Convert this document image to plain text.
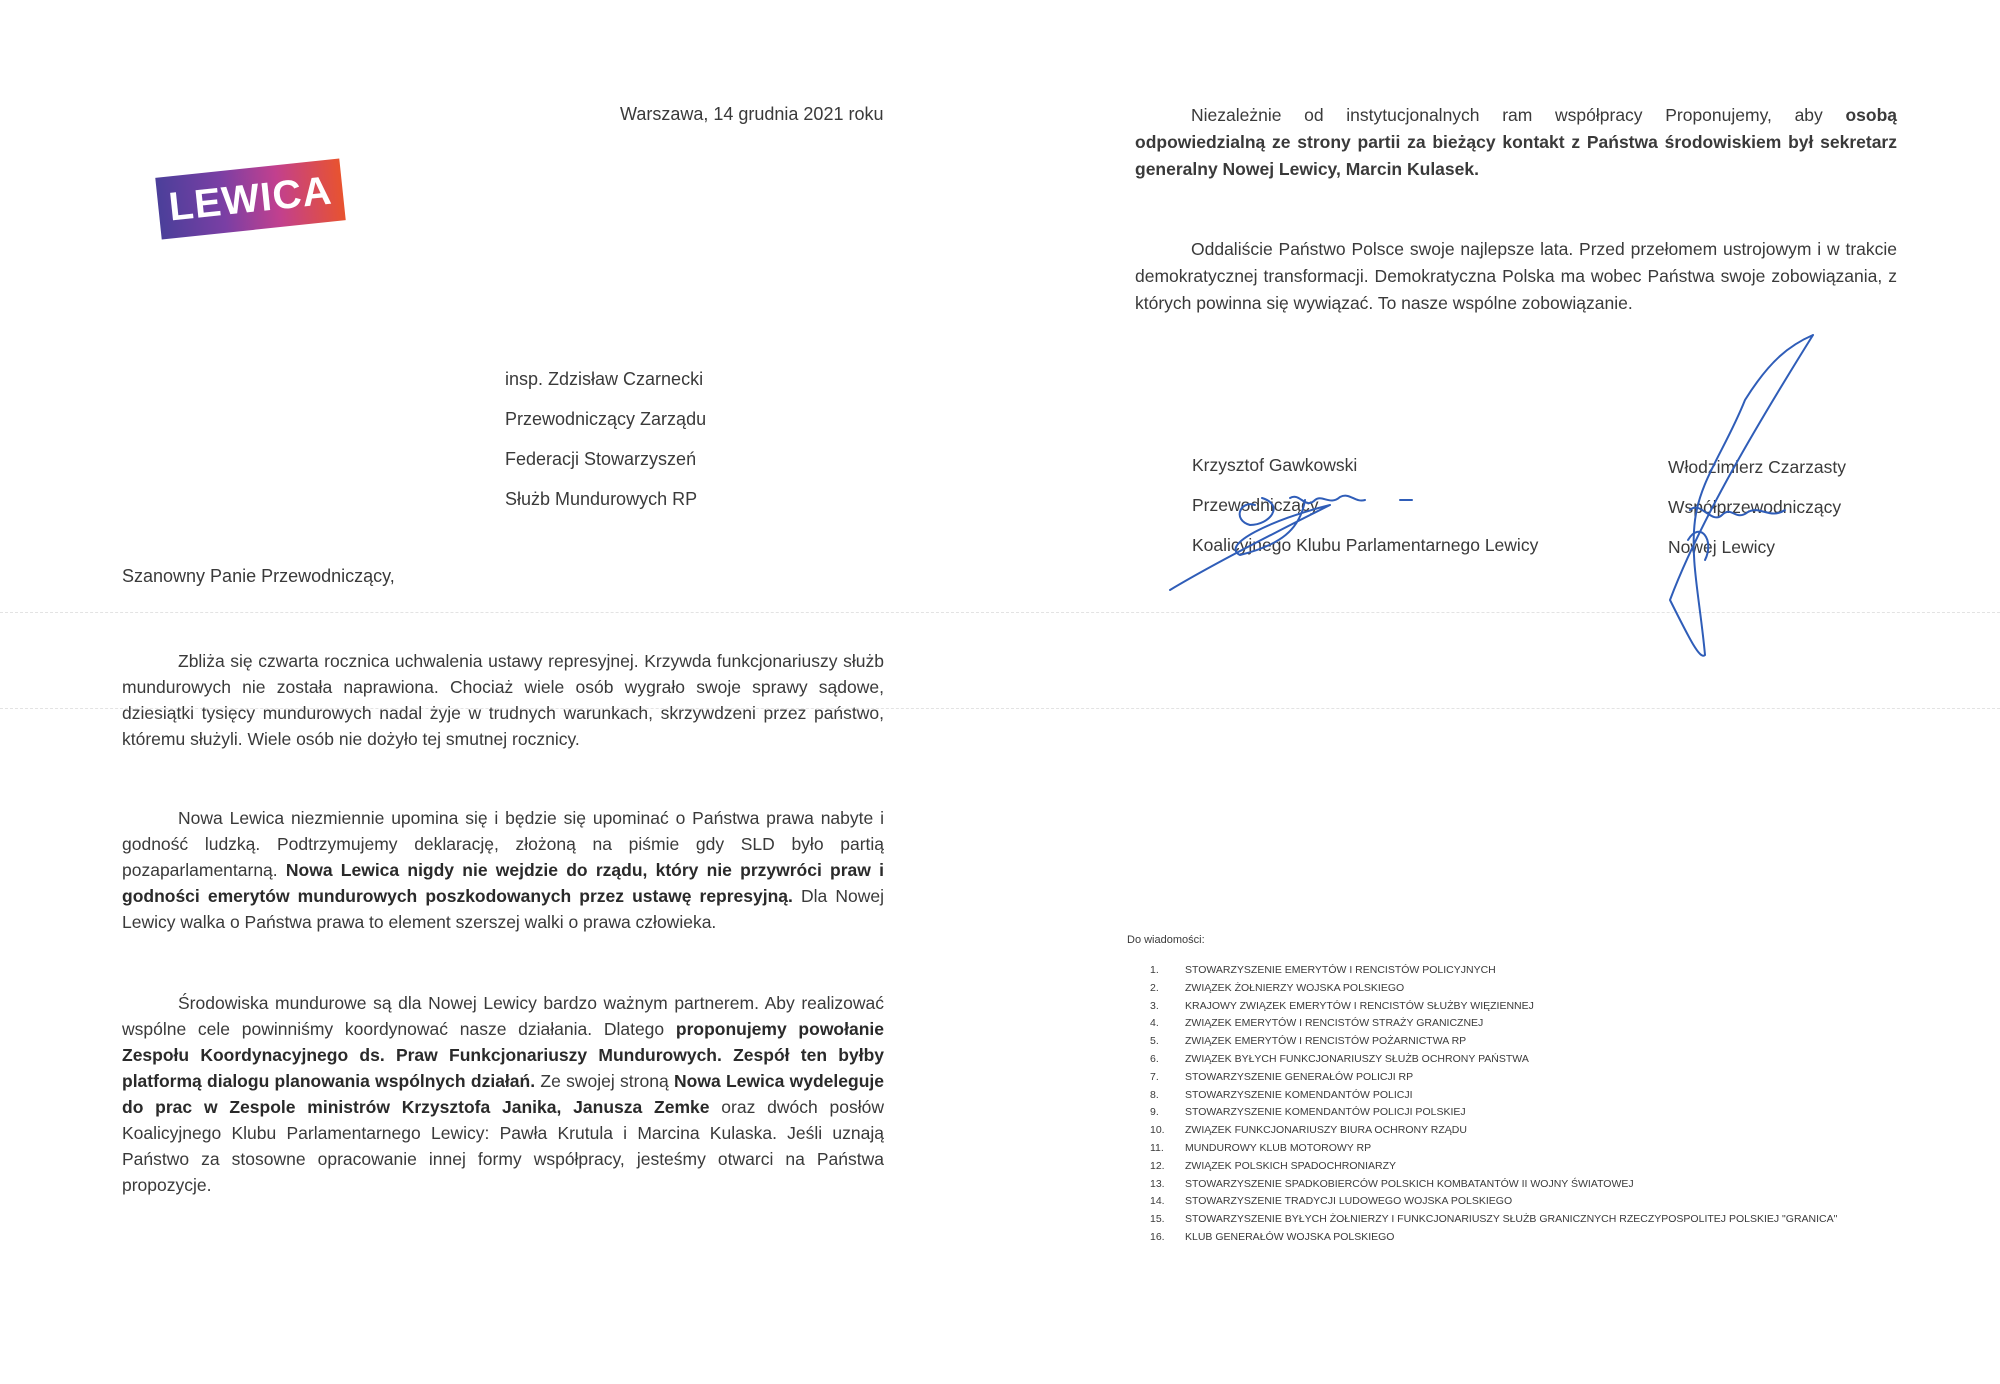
Warszawa, 14 grudnia 2021 roku
LEWICA
insp. Zdzisław Czarnecki
Przewodniczący Zarządu
Federacji Stowarzyszeń
Służb Mundurowych RP
Szanowny Panie Przewodniczący,

Zbliża się czwarta rocznica uchwalenia ustawy represyjnej. Krzywda funkcjonariuszy służb mundurowych nie została naprawiona. Chociaż wiele osób wygrało swoje sprawy sądowe, dziesiątki tysięcy mundurowych nadal żyje w trudnych warunkach, skrzywdzeni przez państwo, któremu służyli. Wiele osób nie dożyło tej smutnej rocznicy.

Nowa Lewica niezmiennie upomina się i będzie się upominać o Państwa prawa nabyte i godność ludzką. Podtrzymujemy deklarację, złożoną na piśmie gdy SLD było partią pozaparlamentarną. Nowa Lewica nigdy nie wejdzie do rządu, który nie przywróci praw i godności emerytów mundurowych poszkodowanych przez ustawę represyjną. Dla Nowej Lewicy walka o Państwa prawa to element szerszej walki o prawa człowieka.

Środowiska mundurowe są dla Nowej Lewicy bardzo ważnym partnerem. Aby realizować wspólne cele powinniśmy koordynować nasze działania. Dlatego proponujemy powołanie Zespołu Koordynacyjnego ds. Praw Funkcjonariuszy Mundurowych. Zespół ten byłby platformą dialogu planowania wspólnych działań. Ze swojej stroną Nowa Lewica wydeleguje do prac w Zespole ministrów Krzysztofa Janika, Janusza Zemke oraz dwóch posłów Koalicyjnego Klubu Parlamentarnego Lewicy: Pawła Krutula i Marcina Kulaska. Jeśli uznają Państwo za stosowne opracowanie innej formy współpracy, jesteśmy otwarci na Państwa propozycje.

Niezależnie od instytucjonalnych ram współpracy Proponujemy, aby osobą odpowiedzialną ze strony partii za bieżący kontakt z Państwa środowiskiem był sekretarz generalny Nowej Lewicy, Marcin Kulasek.

Oddaliście Państwo Polsce swoje najlepsze lata. Przed przełomem ustrojowym i w trakcie demokratycznej transformacji. Demokratyczna Polska ma wobec Państwa swoje zobowiązania, z których powinna się wywiązać. To nasze wspólne zobowiązanie.

Krzysztof Gawkowski
Przewodniczący
Koalicyjnego Klubu Parlamentarnego Lewicy
Włodzimierz Czarzasty
Współprzewodniczący
Nowej Lewicy
Do wiadomości:
1. STOWARZYSZENIE EMERYTÓW I RENCISTÓW POLICYJNYCH
2. ZWIĄZEK ŻOŁNIERZY WOJSKA POLSKIEGO
3. KRAJOWY ZWIĄZEK EMERYTÓW I RENCISTÓW SŁUŻBY WIĘZIENNEJ
4. ZWIĄZEK EMERYTÓW I RENCISTÓW STRAŻY GRANICZNEJ
5. ZWIĄZEK EMERYTÓW I RENCISTÓW POŻARNICTWA RP
6. ZWIĄZEK BYŁYCH FUNKCJONARIUSZY SŁUŻB OCHRONY PAŃSTWA
7. STOWARZYSZENIE GENERAŁÓW POLICJI RP
8. STOWARZYSZENIE KOMENDANTÓW POLICJI
9. STOWARZYSZENIE KOMENDANTÓW POLICJI POLSKIEJ
10. ZWIĄZEK FUNKCJONARIUSZY BIURA OCHRONY RZĄDU
11. MUNDUROWY KLUB MOTOROWY RP
12. ZWIĄZEK POLSKICH SPADOCHRONIARZY
13. STOWARZYSZENIE SPADKOBIERCÓW POLSKICH KOMBATANTÓW II WOJNY ŚWIATOWEJ
14. STOWARZYSZENIE TRADYCJI LUDOWEGO WOJSKA POLSKIEGO
15. STOWARZYSZENIE BYŁYCH ŻOŁNIERZY I FUNKCJONARIUSZY SŁUŻB GRANICZNYCH RZECZYPOSPOLITEJ POLSKIEJ "GRANICA"
16. KLUB GENERAŁÓW WOJSKA POLSKIEGO
